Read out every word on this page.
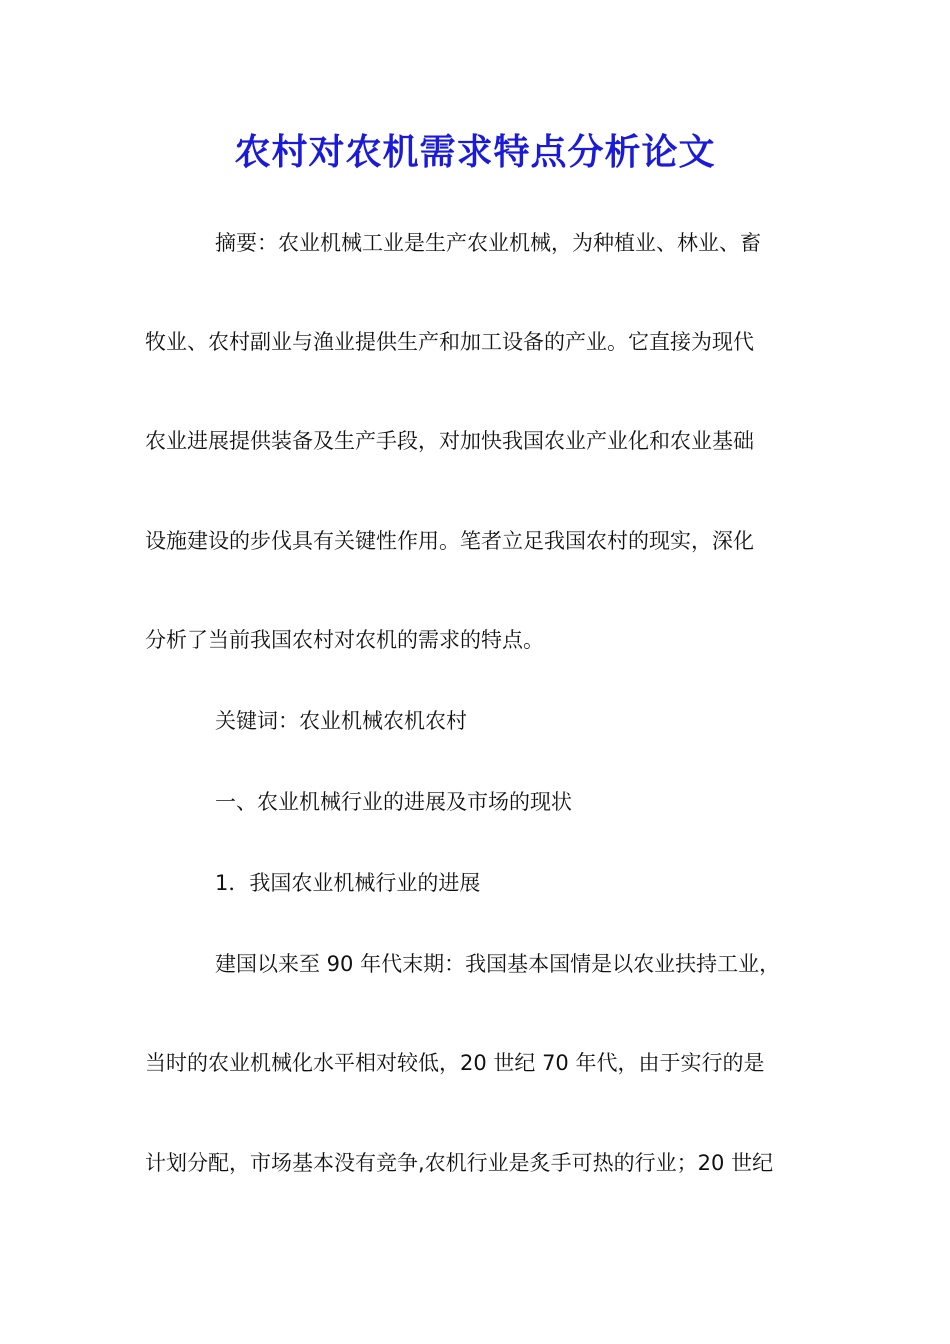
农村对农机需求特点分析论文

摘要：农业机械工业是生产农业机械，为种植业、林业、畜

牧业、农村副业与渔业提供生产和加工设备的产业。它直接为现代

农业进展提供装备及生产手段，对加快我国农业产业化和农业基础

设施建设的步伐具有关键性作用。笔者立足我国农村的现实，深化

分析了当前我国农村对农机的需求的特点。

关键词：农业机械农机农村

一、农业机械行业的进展及市场的现状

1．我国农业机械行业的进展

建国以来至 90 年代末期：我国基本国情是以农业扶持工业，

当时的农业机械化水平相对较低，20 世纪 70 年代，由于实行的是

计划分配，市场基本没有竞争,农机行业是炙手可热的行业；20 世纪
